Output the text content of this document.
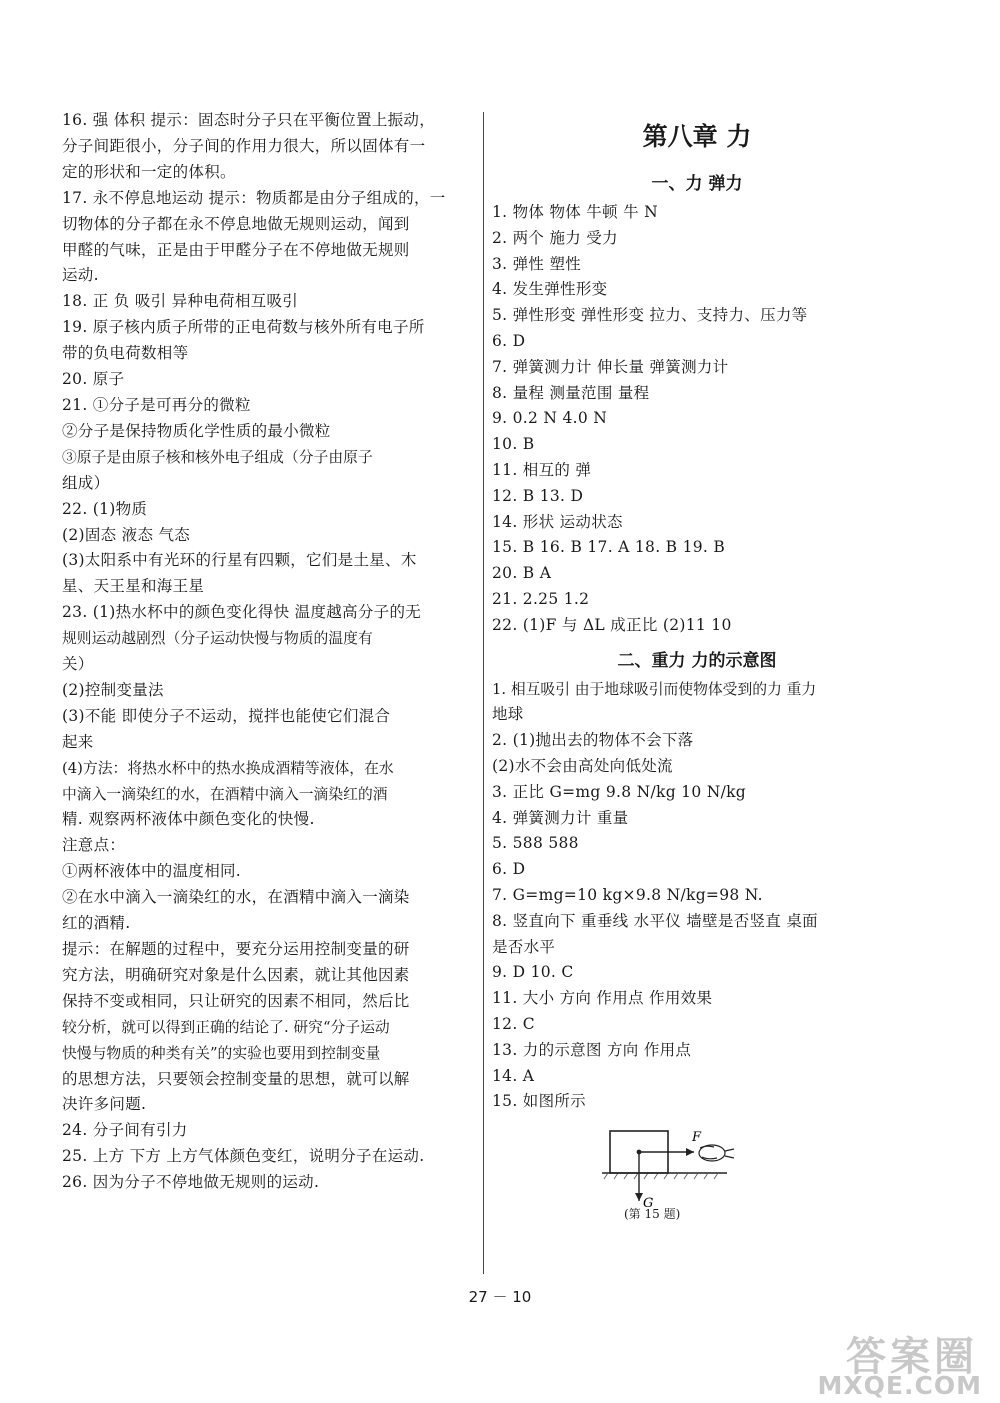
16. 强 体积 提示：固态时分子只在平衡位置上振动，
分子间距很小，分子间的作用力很大，所以固体有一
定的形状和一定的体积。
17. 永不停息地运动 提示：物质都是由分子组成的，一
切物体的分子都在永不停息地做无规则运动，闻到
甲醛的气味，正是由于甲醛分子在不停地做无规则
运动.
18. 正 负 吸引 异种电荷相互吸引
19. 原子核内质子所带的正电荷数与核外所有电子所
带的负电荷数相等
20. 原子
21. ①分子是可再分的微粒
②分子是保持物质化学性质的最小微粒
③原子是由原子核和核外电子组成（分子由原子
组成）
22. (1)物质
(2)固态 液态 气态
(3)太阳系中有光环的行星有四颗，它们是土星、木
星、天王星和海王星
23. (1)热水杯中的颜色变化得快 温度越高分子的无
规则运动越剧烈（分子运动快慢与物质的温度有
关）
(2)控制变量法
(3)不能 即使分子不运动，搅拌也能使它们混合
起来
(4)方法：将热水杯中的热水换成酒精等液体，在水
中滴入一滴染红的水，在酒精中滴入一滴染红的酒
精. 观察两杯液体中颜色变化的快慢.
注意点：
①两杯液体中的温度相同.
②在水中滴入一滴染红的水，在酒精中滴入一滴染
红的酒精.
提示：在解题的过程中，要充分运用控制变量的研
究方法，明确研究对象是什么因素，就让其他因素
保持不变或相同，只让研究的因素不相同，然后比
较分析，就可以得到正确的结论了. 研究“分子运动
快慢与物质的种类有关”的实验也要用到控制变量
的思想方法，只要领会控制变量的思想，就可以解
决许多问题.
24. 分子间有引力
25. 上方 下方 上方气体颜色变红，说明分子在运动.
26. 因为分子不停地做无规则的运动.
第八章 力
一、力 弹力
1. 物体 物体 牛顿 牛 N
2. 两个 施力 受力
3. 弹性 塑性
4. 发生弹性形变
5. 弹性形变 弹性形变 拉力、支持力、压力等
6. D
7. 弹簧测力计 伸长量 弹簧测力计
8. 量程 测量范围 量程
9. 0.2 N 4.0 N
10. B
11. 相互的 弹
12. B 13. D
14. 形状 运动状态
15. B 16. B 17. A 18. B 19. B
20. B A
21. 2.25 1.2
22. (1)F 与 ΔL 成正比 (2)11 10
二、重力 力的示意图
1. 相互吸引 由于地球吸引而使物体受到的力 重力
地球
2. (1)抛出去的物体不会下落
(2)水不会由高处向低处流
3. 正比 G=mg 9.8 N/kg 10 N/kg
4. 弹簧测力计 重量
5. 588 588
6. D
7. G=mg=10 kg×9.8 N/kg=98 N.
8. 竖直向下 重垂线 水平仪 墙壁是否竖直 桌面
是否水平
9. D 10. C
11. 大小 方向 作用点 作用效果
12. C
13. 力的示意图 方向 作用点
14. A
15. 如图所示
F
G
(第 15 题)
27 － 10
答案圈
MXQE.COM
